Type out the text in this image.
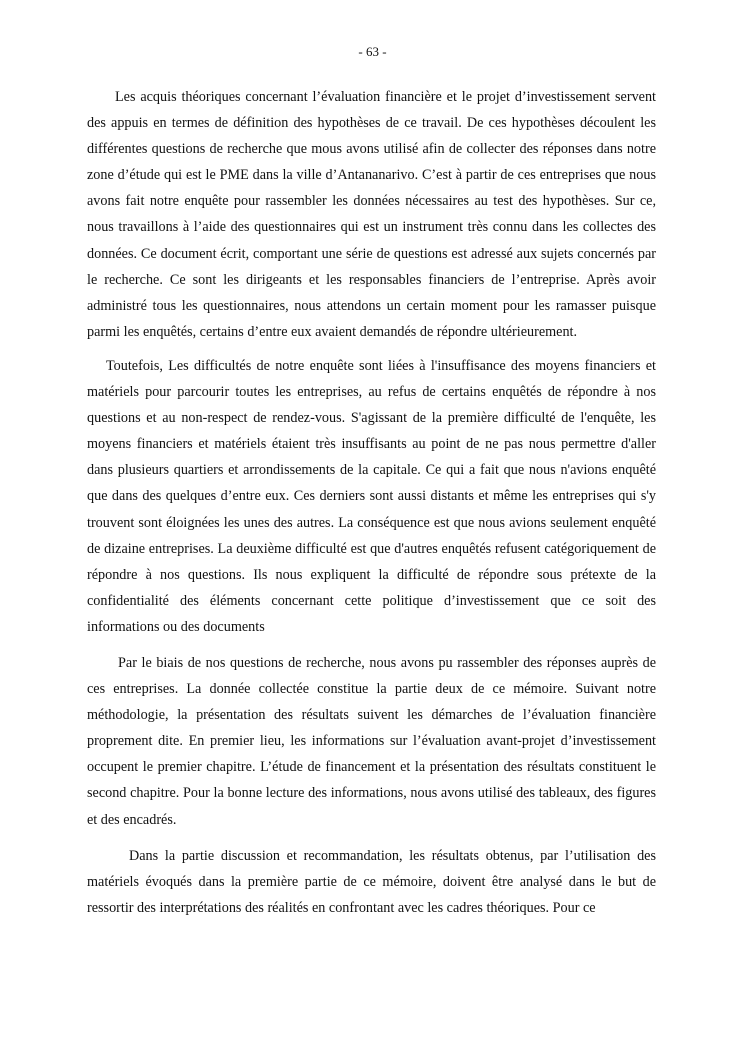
- 63 -

Les acquis théoriques concernant l’évaluation financière et le projet d’investissement servent des appuis en termes de définition des hypothèses de ce travail. De ces hypothèses découlent les différentes questions de recherche que mous avons utilisé afin de collecter des réponses dans notre zone d’étude qui est le PME dans la ville d’Antananarivo. C’est à partir de ces entreprises que nous avons fait notre enquête pour rassembler les données nécessaires au test des hypothèses. Sur ce, nous travaillons à l’aide des questionnaires qui est un instrument très connu dans les collectes des données. Ce document écrit, comportant une série de questions est adressé aux sujets concernés par le recherche. Ce sont les dirigeants et les responsables financiers de l’entreprise. Après avoir administré tous les questionnaires, nous attendons un certain moment pour les ramasser puisque parmi les enquêtés, certains d’entre eux avaient demandés de répondre ultérieurement.

Toutefois, Les difficultés de notre enquête sont liées à l'insuffisance des moyens financiers et matériels pour parcourir toutes les entreprises, au refus de certains enquêtés de répondre à nos questions et au non-respect de rendez-vous. S'agissant de la première difficulté de l'enquête, les moyens financiers et matériels étaient très insuffisants au point de ne pas nous permettre d'aller dans plusieurs quartiers et arrondissements de la capitale. Ce qui a fait que nous n'avions enquêté que dans des quelques d’entre eux. Ces derniers sont aussi distants et même les entreprises qui s'y trouvent sont éloignées les unes des autres. La conséquence est que nous avions seulement enquêté de dizaine entreprises. La deuxième difficulté est que d'autres enquêtés refusent catégoriquement de répondre à nos questions. Ils nous expliquent la difficulté de répondre sous prétexte de la confidentialité des éléments concernant cette politique d’investissement que ce soit des informations ou des documents

Par le biais de nos questions de recherche, nous avons pu rassembler des réponses auprès de ces entreprises. La donnée collectée constitue la partie deux de ce mémoire. Suivant notre méthodologie, la présentation des résultats suivent les démarches de l’évaluation financière proprement dite. En premier lieu, les informations sur l’évaluation avant-projet d’investissement occupent le premier chapitre. L’étude de financement et la présentation des résultats constituent le second chapitre. Pour la bonne lecture des informations, nous avons utilisé des tableaux, des figures et des encadrés.

Dans la partie discussion et recommandation, les résultats obtenus, par l’utilisation des matériels évoqués dans la première partie de ce mémoire, doivent être analysé dans le but de ressortir des interprétations des réalités en confrontant avec les cadres théoriques. Pour ce
